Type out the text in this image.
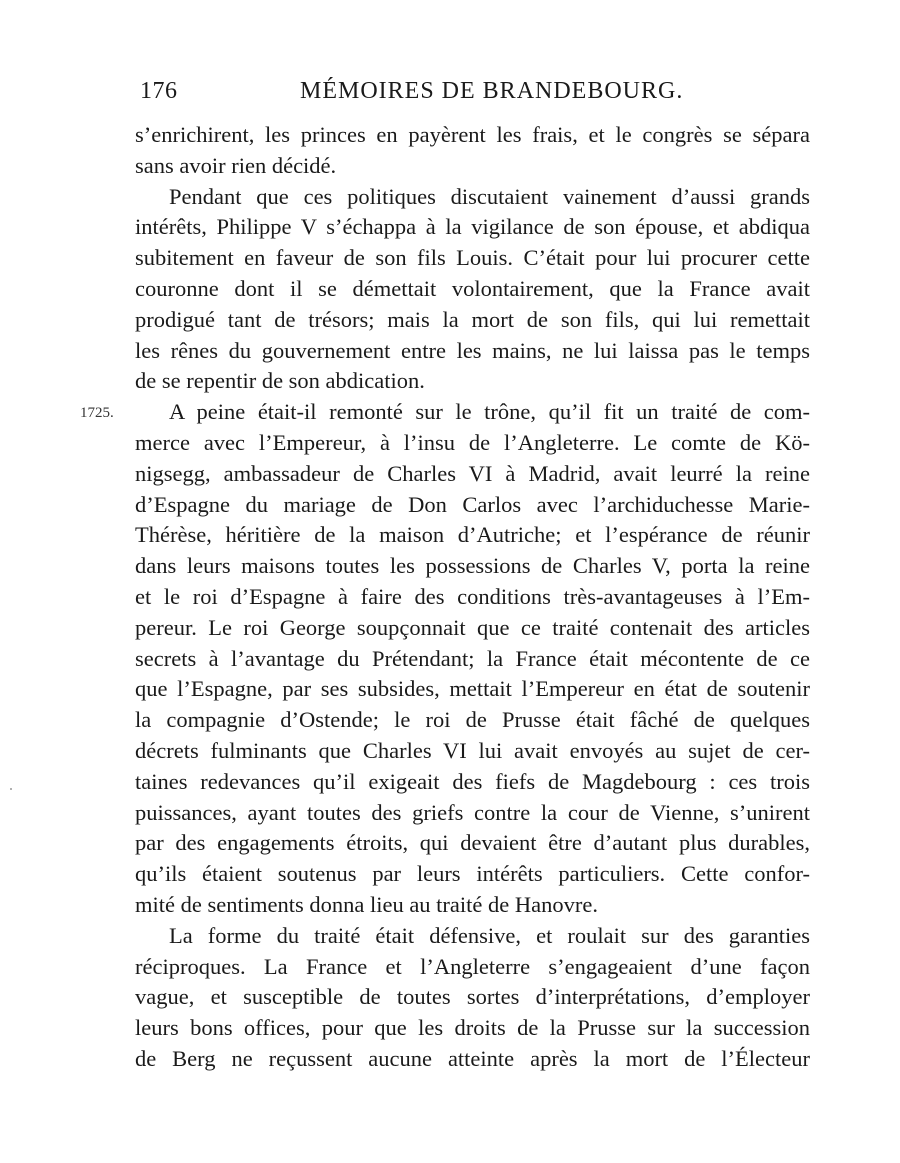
176	MÉMOIRES DE BRANDEBOURG.
1725.

s’enrichirent, les princes en payèrent les frais, et le congrès se sépara
sans avoir rien décidé.

Pendant que ces politiques discutaient vainement d’aussi grands
intérêts, Philippe V s’échappa à la vigilance de son épouse, et abdiqua
subitement en faveur de son fils Louis. C’était pour lui procurer cette
couronne dont il se démettait volontairement, que la France avait
prodigué tant de trésors; mais la mort de son fils, qui lui remettait
les rênes du gouvernement entre les mains, ne lui laissa pas le temps
de se repentir de son abdication.

A peine était-il remonté sur le trône, qu’il fit un traité de com-
merce avec l’Empereur, à l’insu de l’Angleterre. Le comte de Kö-
nigsegg, ambassadeur de Charles VI à Madrid, avait leurré la reine
d’Espagne du mariage de Don Carlos avec l’archiduchesse Marie-
Thérèse, héritière de la maison d’Autriche; et l’espérance de réunir
dans leurs maisons toutes les possessions de Charles V, porta la reine
et le roi d’Espagne à faire des conditions très-avantageuses à l’Em-
pereur. Le roi George soupçonnait que ce traité contenait des articles
secrets à l’avantage du Prétendant; la France était mécontente de ce
que l’Espagne, par ses subsides, mettait l’Empereur en état de soutenir
la compagnie d’Ostende; le roi de Prusse était fâché de quelques
décrets fulminants que Charles VI lui avait envoyés au sujet de cer-
taines redevances qu’il exigeait des fiefs de Magdebourg : ces trois
puissances, ayant toutes des griefs contre la cour de Vienne, s’unirent
par des engagements étroits, qui devaient être d’autant plus durables,
qu’ils étaient soutenus par leurs intérêts particuliers. Cette confor-
mité de sentiments donna lieu au traité de Hanovre.

La forme du traité était défensive, et roulait sur des garanties
réciproques. La France et l’Angleterre s’engageaient d’une façon
vague, et susceptible de toutes sortes d’interprétations, d’employer
leurs bons offices, pour que les droits de la Prusse sur la succession
de Berg ne reçussent aucune atteinte après la mort de l’Électeur
